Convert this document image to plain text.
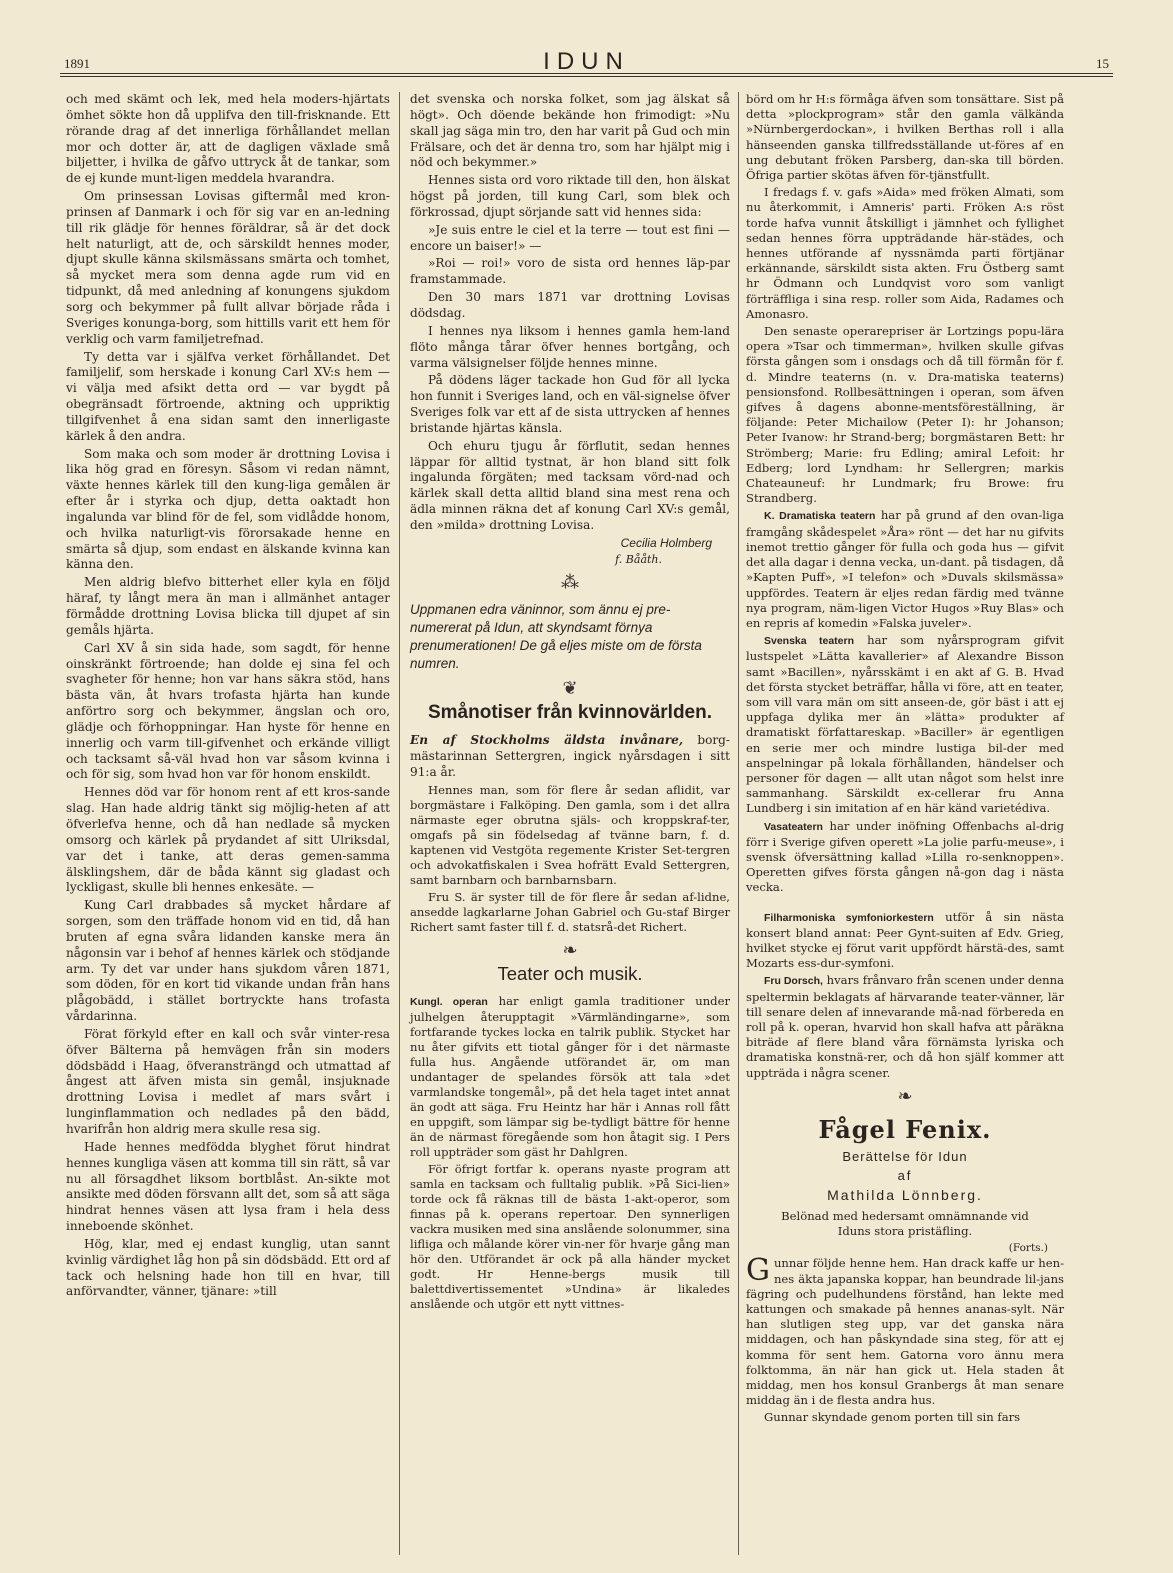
1891	IDUN	15

och med skämt och lek, med hela moders-hjärtats ömhet sökte hon då upplifva den till-frisknande. Ett rörande drag af det innerliga förhållandet mellan mor och dotter är, att de dagligen växlade små biljetter, i hvilka de gåfvo uttryck åt de tankar, som de ej kunde munt-ligen meddela hvarandra.

Om prinsessan Lovisas giftermål med kron-prinsen af Danmark i och för sig var en an-ledning till rik glädje för hennes föräldrar, så är det dock helt naturligt, att de, och särskildt hennes moder, djupt skulle känna skilsmässans smärta och tomhet, så mycket mera som denna agde rum vid en tidpunkt, då med anledning af konungens sjukdom sorg och bekymmer på fullt allvar började råda i Sveriges konunga-borg, som hittills varit ett hem för verklig och varm familjetrefnad.

Ty detta var i själfva verket förhållandet. Det familjelif, som herskade i konung Carl XV:s hem — vi välja med afsikt detta ord — var bygdt på obegränsadt förtroende, aktning och uppriktig tillgifvenhet å ena sidan samt den innerligaste kärlek å den andra.

Som maka och som moder är drottning Lovisa i lika hög grad en föresyn. Såsom vi redan nämnt, växte hennes kärlek till den kung-liga gemålen är efter år i styrka och djup, detta oaktadt hon ingalunda var blind för de fel, som vidlådde honom, och hvilka naturligt-vis förorsakade henne en smärta så djup, som endast en älskande kvinna kan känna den.

Men aldrig blefvo bitterhet eller kyla en följd häraf, ty långt mera än man i allmänhet antager förmådde drottning Lovisa blicka till djupet af sin gemåls hjärta.

Carl XV å sin sida hade, som sagdt, för henne oinskränkt förtroende; han dolde ej sina fel och svagheter för henne; hon var hans säkra stöd, hans bästa vän, åt hvars trofasta hjärta han kunde anförtro sorg och bekymmer, ängslan och oro, glädje och förhoppningar. Han hyste för henne en innerlig och varm till-gifvenhet och erkände villigt och tacksamt så-väl hvad hon var såsom kvinna i och för sig, som hvad hon var för honom enskildt.

Hennes död var för honom rent af ett kros-sande slag. Han hade aldrig tänkt sig möjlig-heten af att öfverlefva henne, och då han nedlade så mycken omsorg och kärlek på prydandet af sitt Ulriksdal, var det i tanke, att deras gemen-samma älsklingshem, där de båda kännt sig gladast och lyckligast, skulle bli hennes enkesäte. —

Kung Carl drabbades så mycket hårdare af sorgen, som den träffade honom vid en tid, då han bruten af egna svåra lidanden kanske mera än någonsin var i behof af hennes kärlek och stödjande arm. Ty det var under hans sjukdom våren 1871, som döden, för en kort tid vikande undan från hans plågobädd, i stället bortryckte hans trofasta vårdarinna.

Förat förkyld efter en kall och svår vinter-resa öfver Bälterna på hemvägen från sin moders dödsbädd i Haag, öfveransträngd och utmattad af ångest att äfven mista sin gemål, insjuknade drottning Lovisa i medlet af mars svårt i lunginflammation och nedlades på den bädd, hvarifrån hon aldrig mera skulle resa sig.

Hade hennes medfödda blyghet förut hindrat hennes kungliga väsen att komma till sin rätt, så var nu all försagdhet liksom bortblåst. An-sikte mot ansikte med döden försvann allt det, som så att säga hindrat hennes väsen att lysa fram i hela dess inneboende skönhet.

Hög, klar, med ej endast kunglig, utan sannt kvinlig värdighet låg hon på sin dödsbädd. Ett ord af tack och helsning hade hon till en hvar, till anförvandter, vänner, tjänare: »till

det svenska och norska folket, som jag älskat så högt». Och döende bekände hon frimodigt: »Nu skall jag säga min tro, den har varit på Gud och min Frälsare, och det är denna tro, som har hjälpt mig i nöd och bekymmer.»

Hennes sista ord voro riktade till den, hon älskat högst på jorden, till kung Carl, som blek och förkrossad, djupt sörjande satt vid hennes sida:

»Je suis entre le ciel et la terre — tout est fini — encore un baiser!» —

»Roi — roi!» voro de sista ord hennes läp-par framstammade.

Den 30 mars 1871 var drottning Lovisas dödsdag.

I hennes nya liksom i hennes gamla hem-land flöto många tårar öfver hennes bortgång, och varma välsignelser följde hennes minne.

På dödens läger tackade hon Gud för all lycka hon funnit i Sveriges land, och en väl-signelse öfver Sveriges folk var ett af de sista uttrycken af hennes bristande hjärtas känsla.

Och ehuru tjugu år förflutit, sedan hennes läppar för alltid tystnat, är hon bland sitt folk ingalunda förgäten; med tacksam vörd-nad och kärlek skall detta alltid bland sina mest rena och ädla minnen räkna det af konung Carl XV:s gemål, den »milda» drottning Lovisa.

Cecilia Holmberg
f. Bååth.
⁂

Uppmanen edra väninnor, som ännu ej pre-numererat på Idun, att skyndsamt förnya prenumerationen! De gå eljes miste om de första numren.

❦
Smånotiser från kvinnovärlden.

En af Stockholms äldsta invånare, borg-mästarinnan Settergren, ingick nyårsdagen i sitt 91:a år.

Hennes man, som för flere år sedan aflidit, var borgmästare i Falköping. Den gamla, som i det allra närmaste eger obrutna själs- och kroppskraf-ter, omgafs på sin födelsedag af tvänne barn, f. d. kaptenen vid Vestgöta regemente Krister Set-tergren och advokatfiskalen i Svea hofrätt Evald Settergren, samt barnbarn och barnbarnsbarn.

Fru S. är syster till de för flere år sedan af-lidne, ansedde lagkarlarne Johan Gabriel och Gu-staf Birger Richert samt faster till f. d. statsrå-det Richert.

❧
Teater och musik.

Kungl. operan har enligt gamla traditioner under julhelgen återupptagit »Värmländingarne», som fortfarande tyckes locka en talrik publik. Stycket har nu åter gifvits ett tiotal gånger för i det närmaste fulla hus. Angående utförandet är, om man undantager de spelandes försök att tala »det varmlandske tongemål», på det hela taget intet annat än godt att säga. Fru Heintz har här i Annas roll fått en uppgift, som lämpar sig be-tydligt bättre för henne än de närmast föregående som hon åtagit sig. I Pers roll uppträder som gäst hr Dahlgren.

För öfrigt fortfar k. operans nyaste program att samla en tacksam och fulltalig publik. »På Sici-lien» torde ock få räknas till de bästa 1-akt-operor, som finnas på k. operans repertoar. Den synnerligen vackra musiken med sina anslående solonummer, sina lifliga och målande körer vin-ner för hvarje gång man hör den. Utförandet är ock på alla händer mycket godt. Hr Henne-bergs musik till balettdivertissementet »Undina» är likaledes anslående och utgör ett nytt vittnes-

börd om hr H:s förmåga äfven som tonsättare. Sist på detta »plockprogram» står den gamla välkända »Nürnbergerdockan», i hvilken Berthas roll i alla hänseenden ganska tillfredsställande ut-föres af en ung debutant fröken Parsberg, dan-ska till börden. Öfriga partier skötas äfven för-tjänstfullt.

I fredags f. v. gafs »Aida» med fröken Almati, som nu återkommit, i Amneris' parti. Fröken A:s röst torde hafva vunnit åtskilligt i jämnhet och fyllighet sedan hennes förra uppträdande här-städes, och hennes utförande af nyssnämda parti förtjänar erkännande, särskildt sista akten. Fru Östberg samt hr Ödmann och Lundqvist voro som vanligt förträffliga i sina resp. roller som Aida, Radames och Amonasro.

Den senaste operarepriser är Lortzings popu-lära opera »Tsar och timmerman», hvilken skulle gifvas första gången som i onsdags och då till förmån för f. d. Mindre teaterns (n. v. Dra-matiska teaterns) pensionsfond. Rollbesättningen i operan, som äfven gifves å dagens abonne-mentsföreställning, är följande: Peter Michailow (Peter I): hr Johanson; Peter Ivanow: hr Strand-berg; borgmästaren Bett: hr Strömberg; Marie: fru Edling; amiral Lefoit: hr Edberg; lord Lyndham: hr Sellergren; markis Chateauneuf: hr Lundmark; fru Browe: fru Strandberg.

K. Dramatiska teatern har på grund af den ovan-liga framgång skådespelet »Åra» rönt — det har nu gifvits inemot trettio gånger för fulla och goda hus — gifvit det alla dagar i denna vecka, un-dant. på tisdagen, då »Kapten Puff», »I telefon» och »Duvals skilsmässa» uppfördes. Teatern är eljes redan färdig med tvänne nya program, näm-ligen Victor Hugos »Ruy Blas» och en repris af komedin »Falska juveler».

Svenska teatern har som nyårsprogram gifvit lustspelet »Lätta kavallerier» af Alexandre Bisson samt »Bacillen», nyårsskämt i en akt af G. B. Hvad det första stycket beträffar, hålla vi före, att en teater, som vill vara män om sitt anseen-de, gör bäst i att ej uppfaga dylika mer än »lätta» produkter af dramatiskt författareskap. »Baciller» är egentligen en serie mer och mindre lustiga bil-der med anspelningar på lokala förhållanden, händelser och personer för dagen — allt utan något som helst inre sammanhang. Särskildt ex-cellerar fru Anna Lundberg i sin imitation af en här känd varietédiva.

Vasateatern har under inöfning Offenbachs al-drig förr i Sverige gifven operett »La jolie parfu-meuse», i svensk öfversättning kallad »Lilla ro-senknoppen». Operetten gifves första gången nå-gon dag i nästa vecka.

Filharmoniska symfoniorkestern utför å sin nästa konsert bland annat: Peer Gynt-suiten af Edv. Grieg, hvilket stycke ej förut varit uppfördt härstä-des, samt Mozarts ess-dur-symfoni.

Fru Dorsch, hvars frånvaro från scenen under denna speltermin beklagats af härvarande teater-vänner, lär till senare delen af innevarande må-nad förbereda en roll på k. operan, hvarvid hon skall hafva att påräkna biträde af flere bland våra förnämsta lyriska och dramatiska konstnä-rer, och då hon själf kommer att uppträda i några scener.

❧
Fågel Fenix.
Berättelse för Idun
af
Mathilda Lönnberg.
Belönad med hedersamt omnämnande vid Iduns stora pristäfling.
(Forts.)

Gunnar följde henne hem. Han drack kaffe ur hen-nes äkta japanska koppar, han beundrade lil-jans fägring och pudelhundens förstånd, han lekte med kattungen och smakade på hennes ananas-sylt. När han slutligen steg upp, var det ganska nära middagen, och han påskyndade sina steg, för att ej komma för sent hem. Gatorna voro ännu mera folktomma, än när han gick ut. Hela staden åt middag, men hos konsul Granbergs åt man senare middag än i de flesta andra hus.

Gunnar skyndade genom porten till sin fars
